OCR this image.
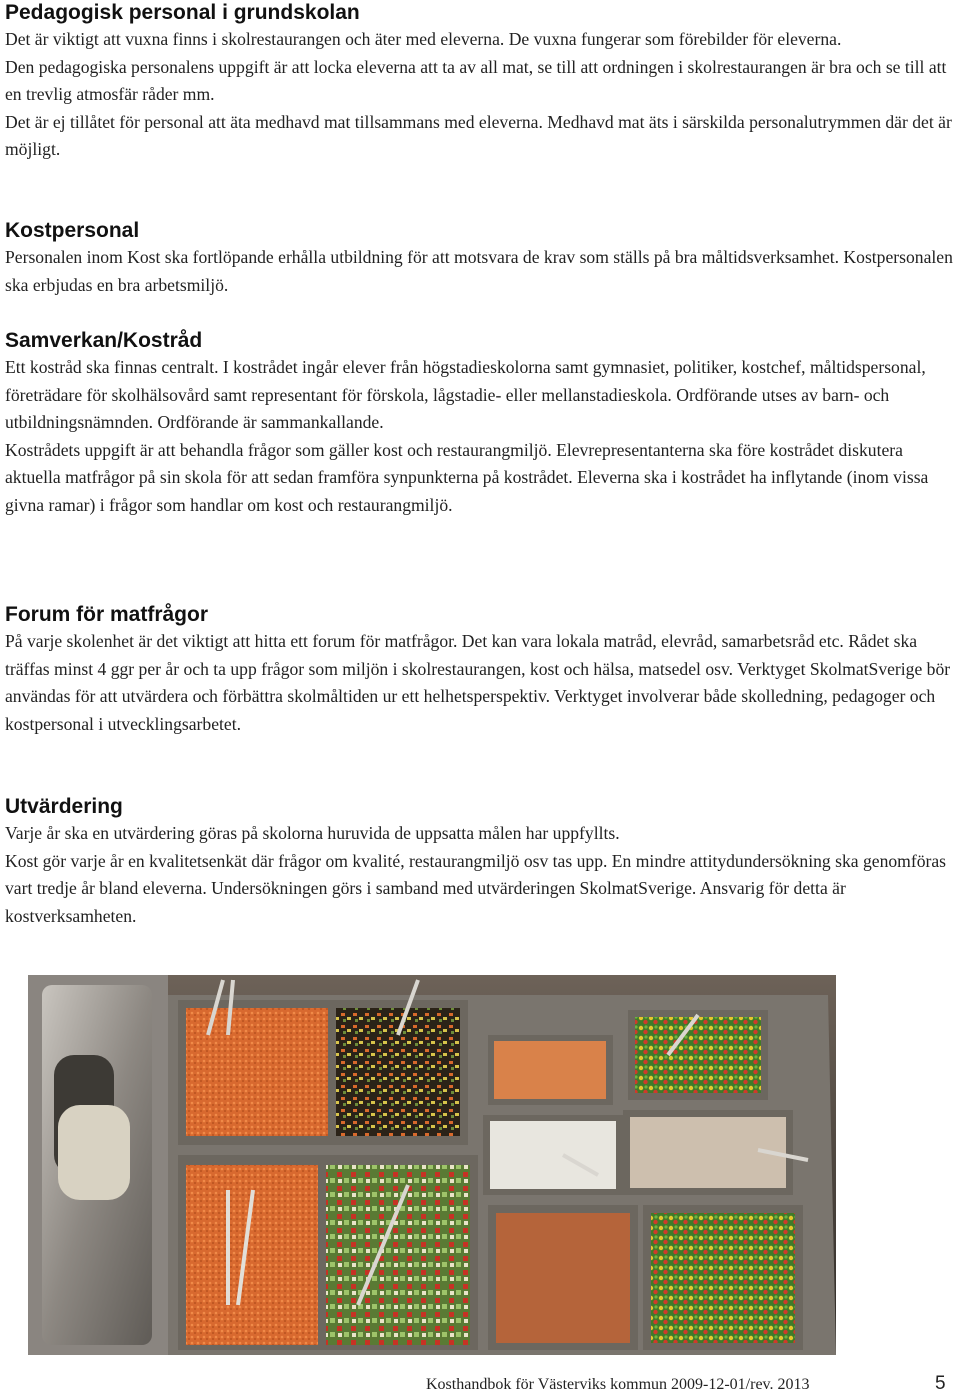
Pedagogisk personal i grundskolan

Det är viktigt att vuxna finns i skolrestaurangen och äter med eleverna. De vuxna fungerar som förebilder för eleverna.

Den pedagogiska personalens uppgift är att locka eleverna att ta av all mat, se till att ordningen i skolrestaurangen är bra och se till att en trevlig atmosfär råder mm.

Det är ej tillåtet för personal att äta medhavd mat tillsammans med eleverna. Medhavd mat äts i särskilda personalutrymmen där det är möjligt.

Kostpersonal

Personalen inom Kost ska fortlöpande erhålla utbildning för att motsvara de krav som ställs på bra måltidsverksamhet. Kostpersonalen ska erbjudas en bra arbetsmiljö.

Samverkan/Kostråd

Ett kostråd ska finnas centralt. I kostrådet ingår elever från högstadieskolorna samt gymnasiet, politiker, kostchef, måltidspersonal, företrädare för skolhälsovård samt representant för förskola, lågstadie- eller mellanstadieskola. Ordförande utses av barn- och utbildningsnämnden. Ordförande är sammankallande.

Kostrådets uppgift är att behandla frågor som gäller kost och restaurangmiljö. Elevrepresentanterna ska före kostrådet diskutera aktuella matfrågor på sin skola för att sedan framföra synpunkterna på kostrådet. Eleverna ska i kostrådet ha inflytande (inom vissa givna ramar) i frågor som handlar om kost och restaurangmiljö.

Forum för matfrågor

På varje skolenhet är det viktigt att hitta ett forum för matfrågor. Det kan vara lokala matråd, elevråd, samarbetsråd etc. Rådet ska träffas minst 4 ggr per år och ta upp frågor som miljön i skolrestaurangen, kost och hälsa, matsedel osv. Verktyget SkolmatSverige bör användas för att utvärdera och förbättra skolmåltiden ur ett helhetsperspektiv. Verktyget involverar både skolledning, pedagoger och kostpersonal i utvecklingsarbetet.

Utvärdering

Varje år ska en utvärdering göras på skolorna huruvida de uppsatta målen har uppfyllts.

Kost gör varje år en kvalitetsenkät där frågor om kvalité, restaurangmiljö osv tas upp. En mindre attitydundersökning ska genomföras vart tredje år bland eleverna. Undersökningen görs i samband med utvärderingen SkolmatSverige. Ansvarig för detta är kostverksamheten.

Kosthandbok för Västerviks kommun 2009-12-01/rev. 2013	5
